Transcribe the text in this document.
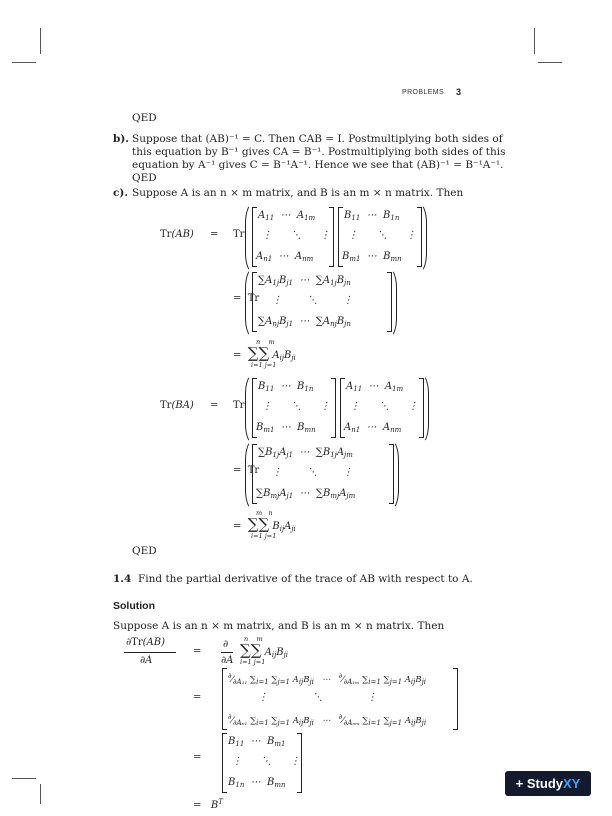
PROBLEMS 3
QED
b). Suppose that (AB)⁻¹ = C. Then CAB = I. Postmultiplying both sides of
this equation by B⁻¹ gives CA = B⁻¹. Postmultiplying both sides of this
equation by A⁻¹ gives C = B⁻¹A⁻¹. Hence we see that (AB)⁻¹ = B⁻¹A⁻¹.
QED
c). Suppose A is an n × m matrix, and B is an m × n matrix. Then
Tr(AB) = Tr
$A_{11}$  ⋯  $A_{1m}$
⋮      ⋱      ⋮
$A_{n1}$  ⋯  $A_{nm}$
$B_{11}$  ⋯  $B_{1n}$
⋮      ⋱      ⋮
$B_{m1}$  ⋯  $B_{mn}$
=  Tr
$\sum A_{1j}B_{j1}$  ⋯  $\sum A_{1j}B_{jn}$
⋮        ⋱        ⋮
$\sum A_{nj}B_{j1}$  ⋯  $\sum A_{nj}B_{jn}$
n    m
=  ∑∑ $A_{ij}B_{ji}$
i=1 j=1
Tr(BA) = Tr
$B_{11}$  ⋯  $B_{1n}$
⋮      ⋱      ⋮
$B_{m1}$  ⋯  $B_{mn}$
$A_{11}$  ⋯  $A_{1m}$
⋮      ⋱      ⋮
$A_{n1}$  ⋯  $A_{nm}$
=  Tr
$\sum B_{1j}A_{j1}$  ⋯  $\sum B_{1j}A_{jm}$
⋮        ⋱        ⋮
$\sum B_{mj}A_{j1}$  ⋯  $\sum B_{mj}A_{jm}$
m   n
=  ∑∑ $B_{ij}A_{ji}$
i=1 j=1
QED
1.4 Find the partial derivative of the trace of AB with respect to A.
Solution
Suppose A is an n × m matrix, and B is an m × n matrix. Then
∂Tr(AB)
∂A
=
∂
∂A
n    m
∑∑ $A_{ij}B_{ji}$
i=1 j=1
$^\partial⁄_{\partial A_{11}}$ $\sum_{i=1}$ $\sum_{j=1}$ $A_{ij}B_{ji}$   ⋯   $^\partial⁄_{\partial A_{1m}}$ $\sum_{i=1}$ $\sum_{j=1}$ $A_{ij}B_{ji}$
=	⋮              ⋱              ⋮
$^\partial⁄_{\partial A_{n1}}$ $\sum_{i=1}$ $\sum_{j=1}$ $A_{ij}B_{ji}$   ⋯   $^\partial⁄_{\partial A_{nm}}$ $\sum_{i=1}$ $\sum_{j=1}$ $A_{ij}B_{ji}$
=
$B_{11}$  ⋯  $B_{m1}$
⋮      ⋱      ⋮
$B_{1n}$  ⋯  $B_{mn}$
=   $B^T$
+ StudyXY
